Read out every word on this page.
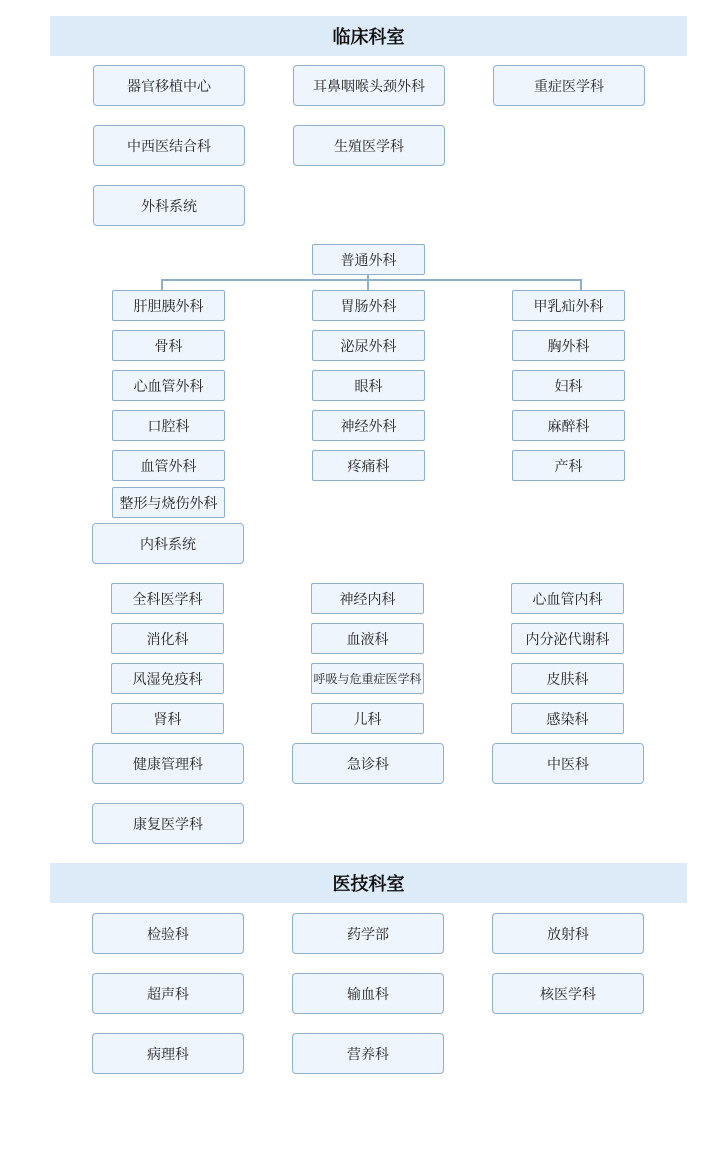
临床科室
器官移植中心	耳鼻咽喉头颈外科	重症医学科
中西医结合科	生殖医学科
外科系统
普通外科
肝胆胰外科
骨科
心血管外科
口腔科
血管外科
整形与烧伤外科
胃肠外科
泌尿外科
眼科
神经外科
疼痛科
甲乳疝外科
胸外科
妇科
麻醉科
产科
内科系统
全科医学科
消化科
风湿免疫科
肾科
神经内科
血液科
呼吸与危重症医学科
儿科
心血管内科
内分泌代谢科
皮肤科
感染科
健康管理科	急诊科	中医科
康复医学科
医技科室
检验科	药学部	放射科
超声科	输血科	核医学科
病理科	营养科
